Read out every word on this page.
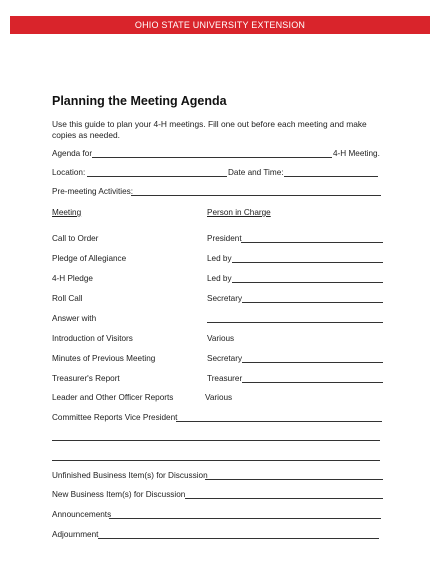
OHIO STATE UNIVERSITY EXTENSION
Planning the Meeting Agenda
Use this guide to plan your 4-H meetings. Fill one out before each meeting and make copies as needed.
Agenda for	4-H Meeting.
Location:	Date and Time:
Pre-meeting Activities:
Meeting	Person in Charge
Call to Order	President
Pledge of Allegiance	Led by
4-H Pledge	Led by
Roll Call	Secretary
Answer with
Introduction of Visitors	Various
Minutes of Previous Meeting	Secretary
Treasurer's Report	Treasurer
Leader and Other Officer Reports	Various
Committee Reports Vice President
Unfinished Business Item(s) for Discussion
New Business Item(s) for Discussion
Announcements
Adjournment
